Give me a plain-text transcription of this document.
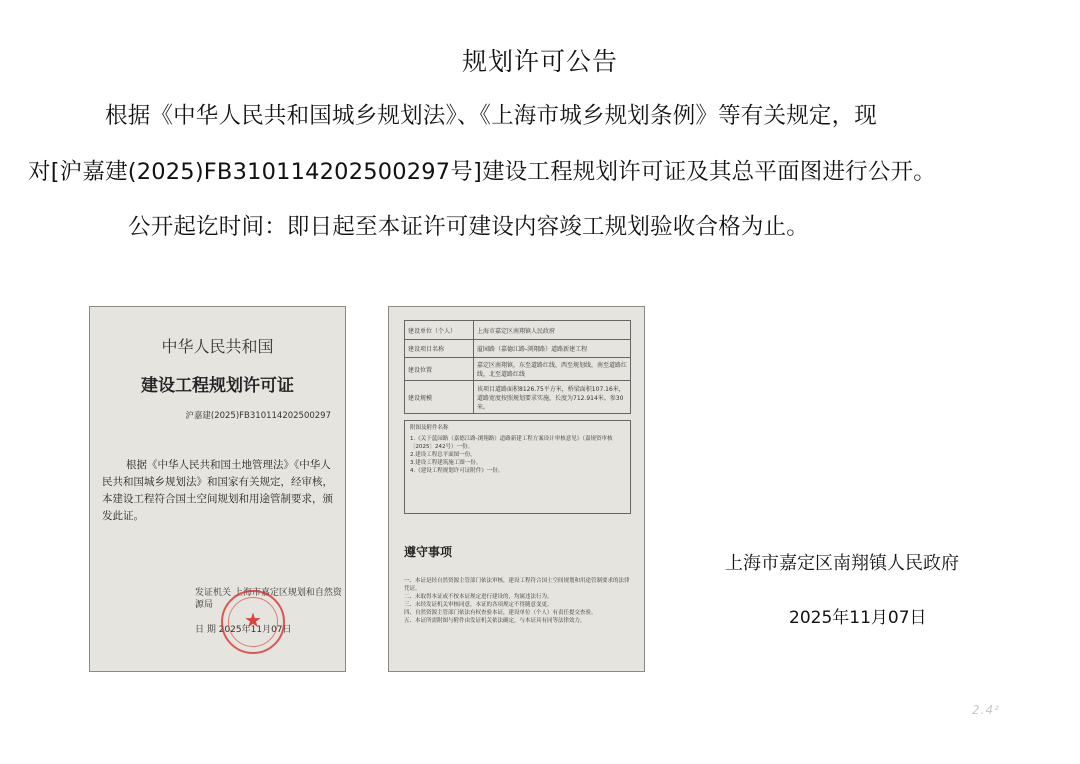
规划许可公告
根据《中华人民共和国城乡规划法》、《上海市城乡规划条例》等有关规定，现
对[沪嘉建(2025)FB310114202500297号]建设工程规划许可证及其总平面图进行公开。
公开起讫时间：即日起至本证许可建设内容竣工规划验收合格为止。
中华人民共和国
建设工程规划许可证
沪嘉建(2025)FB310114202500297
根据《中华人民共和国土地管理法》《中华人民共和国城乡规划法》和国家有关规定，经审核，本建设工程符合国土空间规划和用途管制要求，颁发此证。
发证机关 上海市嘉定区规划和自然资源局
日 期 2025年11月07日
★
建设单位（个人）	上海市嘉定区南翔镇人民政府
建设项目名称	蕰园路（嘉德江路-浏翔路）道路新建工程
建设位置	嘉定区南翔镇，东至道路红线，西至规划线，南至道路红线，北至道路红线
建设规模	该项目道路面积8126.75平方米，桥梁面积107.16米，道路宽度按照规划要求实施，长度为712.914米。参30米。
附图及附件名称
1.《关于蕰园路（嘉德江路-浏翔路）道路新建工程方案设计审核意见》（嘉规资审核〔2025〕242号）一份。
2.建设工程总平面图一份。
3.建设工程建筑施工图一份。
4.《建设工程规划许可证附件》一份。
遵守事项
一、本证是经自然资源主管部门依法审核，建设工程符合国土空间规划和用途管制要求的法律凭证。
二、未取得本证或不按本证规定进行建设的，均属违法行为。
三、未经发证机关审核同意，本证的各项规定不得随意变更。
四、自然资源主管部门依法有权查验本证，建设单位（个人）有责任提交查验。
五、本证所需附图与附件由发证机关依法确定，与本证具有同等法律效力。
上海市嘉定区南翔镇人民政府
2025年11月07日
2.4²
